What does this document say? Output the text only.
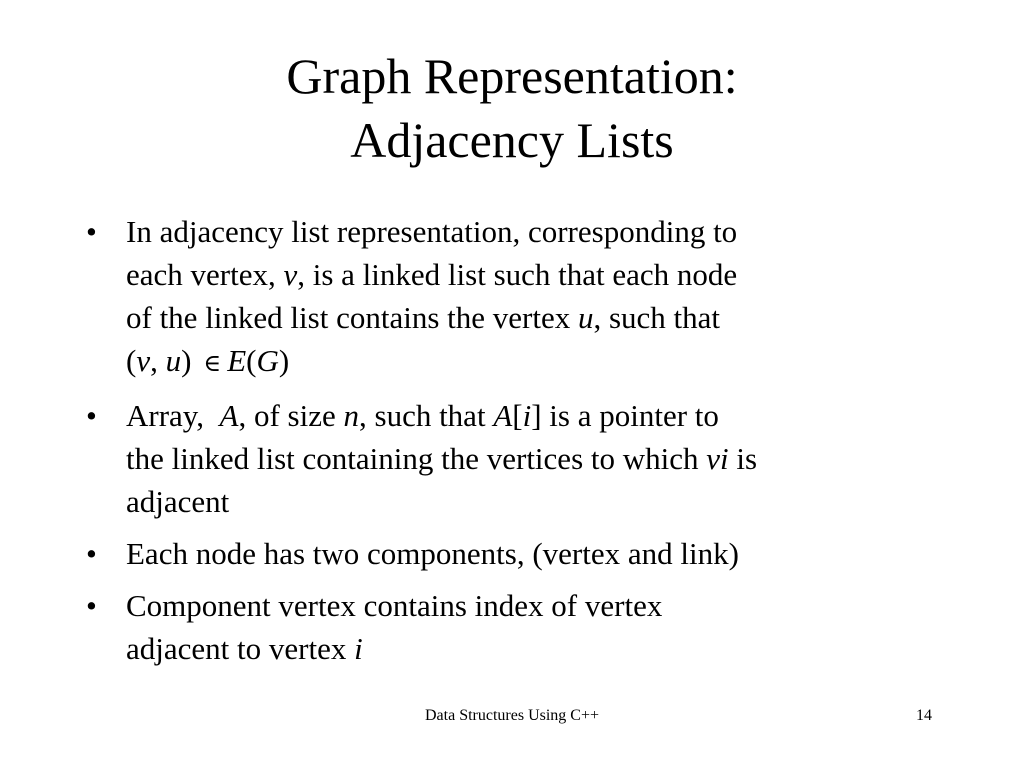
Graph Representation:
Adjacency Lists
• In adjacency list representation, corresponding to

each vertex, v, is a linked list such that each node

of the linked list contains the vertex u, such that

(v, u) ∈ E(G)

• Array,  A, of size n, such that A[i] is a pointer to

the linked list containing the vertices to which vi is

adjacent

• Each node has two components, (vertex and link)

• Component vertex contains index of vertex

adjacent to vertex i

Data Structures Using C++	14
